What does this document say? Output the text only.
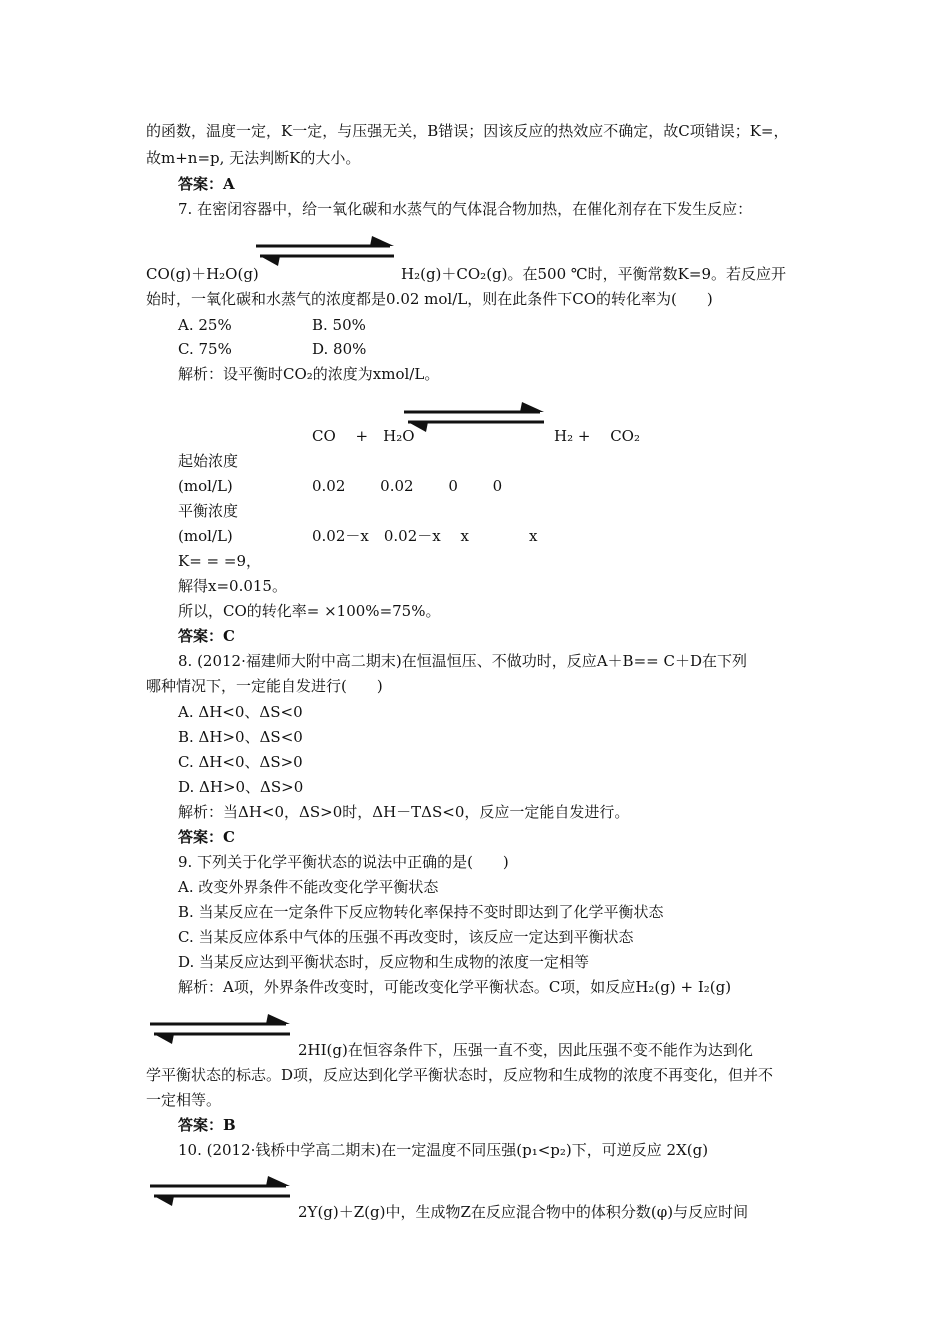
的函数，温度一定，K一定，与压强无关，B错误；因该反应的热效应不确定，故C项错误；K=，
故m+n=p, 无法判断K的大小。
答案：A
7. 在密闭容器中，给一氧化碳和水蒸气的气体混合物加热，在催化剂存在下发生反应：
CO(g)＋H₂O(g)	H₂(g)＋CO₂(g)。在500 ℃时，平衡常数K=9。若反应开
始时，一氧化碳和水蒸气的浓度都是0.02 mol/L，则在此条件下CO的转化率为(　　)
A. 25%	B. 50%
C. 75%	D. 80%
解析：设平衡时CO₂的浓度为xmol/L。
CO　 +　H₂O	H₂ +　 CO₂
起始浓度
(mol/L)	0.02　　 0.02　　 0　　 0
平衡浓度
(mol/L)	0.02－x　0.02－x　 x　　　　x
K= = =9，
解得x=0.015。
所以，CO的转化率= ×100%=75%。
答案：C
8. (2012·福建师大附中高二期末)在恒温恒压、不做功时，反应A＋B== C＋D在下列
哪种情况下，一定能自发进行(　　)
A. ΔH<0、ΔS<0
B. ΔH>0、ΔS<0
C. ΔH<0、ΔS>0
D. ΔH>0、ΔS>0
解析：当ΔH<0，ΔS>0时，ΔH－TΔS<0，反应一定能自发进行。
答案：C
9. 下列关于化学平衡状态的说法中正确的是(　　)
A. 改变外界条件不能改变化学平衡状态
B. 当某反应在一定条件下反应物转化率保持不变时即达到了化学平衡状态
C. 当某反应体系中气体的压强不再改变时，该反应一定达到平衡状态
D. 当某反应达到平衡状态时，反应物和生成物的浓度一定相等
解析：A项，外界条件改变时，可能改变化学平衡状态。C项，如反应H₂(g) + I₂(g)
2HI(g)在恒容条件下，压强一直不变，因此压强不变不能作为达到化
学平衡状态的标志。D项，反应达到化学平衡状态时，反应物和生成物的浓度不再变化，但并不
一定相等。
答案：B
10. (2012·钱桥中学高二期末)在一定温度不同压强(p₁<p₂)下，可逆反应 2X(g)
2Y(g)＋Z(g)中，生成物Z在反应混合物中的体积分数(φ)与反应时间
